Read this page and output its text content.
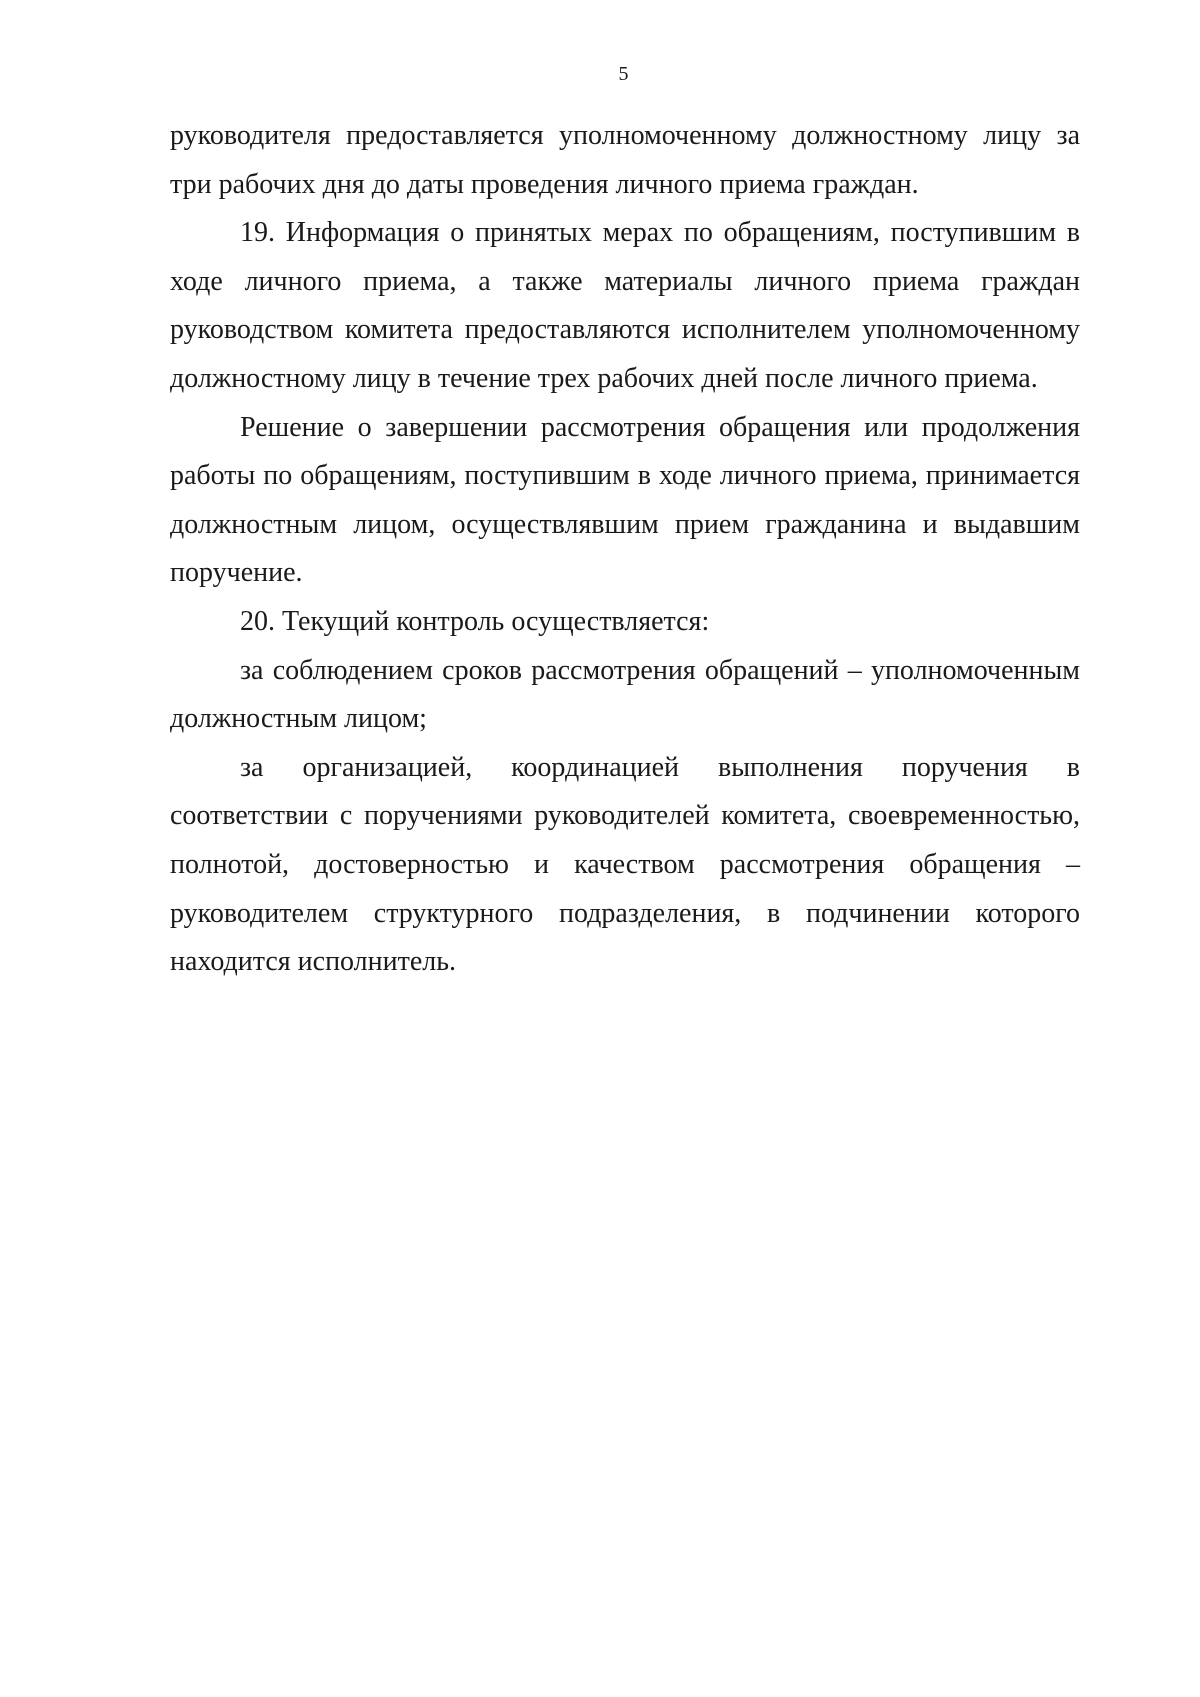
5

руководителя предоставляется уполномоченному должностному лицу за три рабочих дня до даты проведения личного приема граждан.

19. Информация о принятых мерах по обращениям, поступившим в ходе личного приема, а также материалы личного приема граждан руководством комитета предоставляются исполнителем уполномоченному должностному лицу в течение трех рабочих дней после личного приема.

Решение о завершении рассмотрения обращения или продолжения работы по обращениям, поступившим в ходе личного приема, принимается должностным лицом, осуществлявшим прием гражданина и выдавшим поручение.

20. Текущий контроль осуществляется:

за соблюдением сроков рассмотрения обращений – уполномоченным должностным лицом;

за организацией, координацией выполнения поручения в соответствии с поручениями руководителей комитета, своевременностью, полнотой, достоверностью и качеством рассмотрения обращения – руководителем структурного подразделения, в подчинении которого находится исполнитель.
